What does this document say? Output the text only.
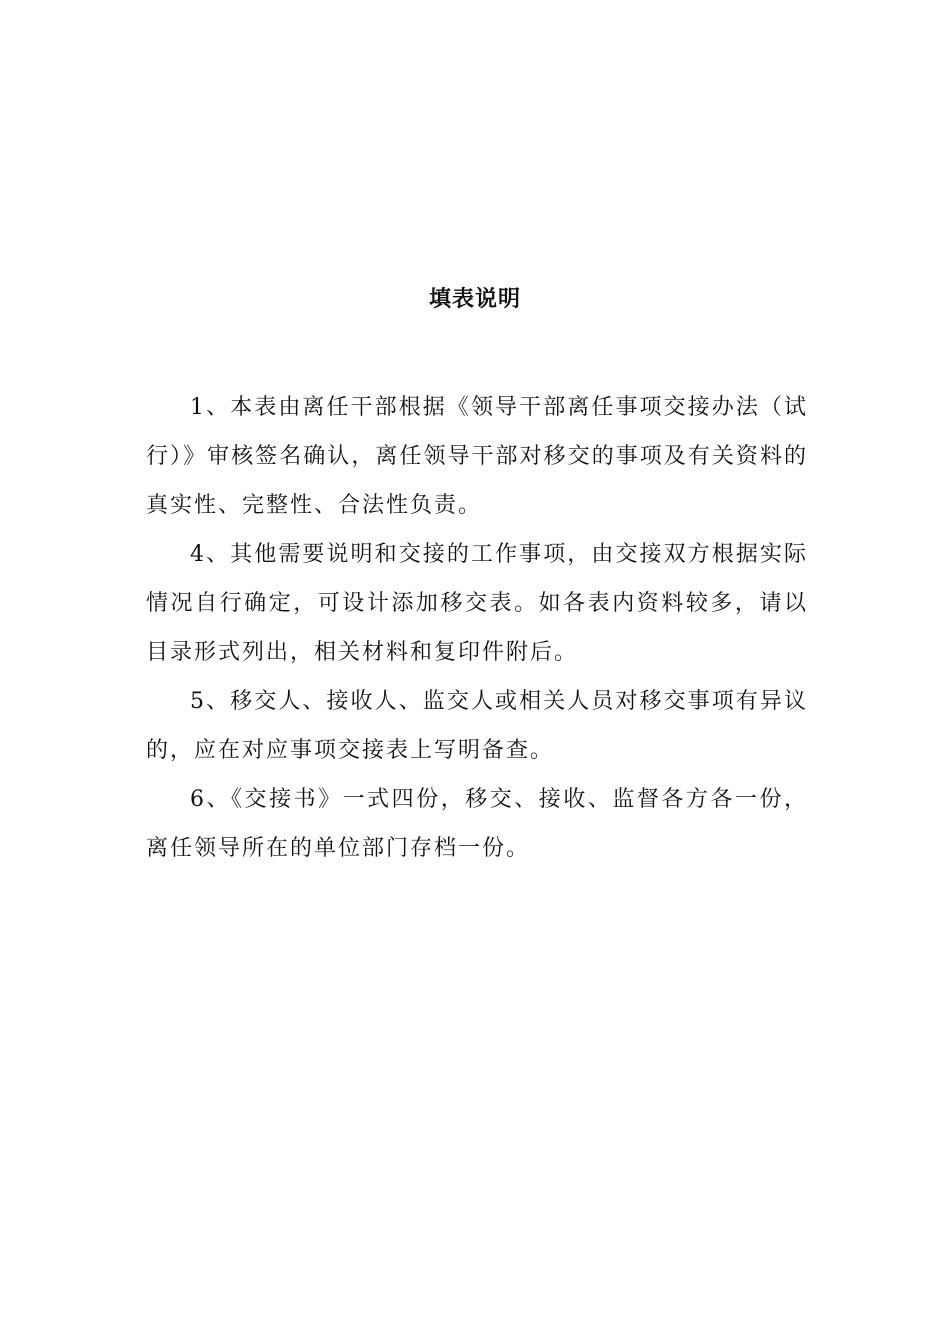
填表说明

1、本表由离任干部根据《领导干部离任事项交接办法（试行）》审核签名确认，离任领导干部对移交的事项及有关资料的真实性、完整性、合法性负责。

4、其他需要说明和交接的工作事项，由交接双方根据实际情况自行确定，可设计添加移交表。如各表内资料较多，请以目录形式列出，相关材料和复印件附后。

5、移交人、接收人、监交人或相关人员对移交事项有异议的，应在对应事项交接表上写明备查。

6、《交接书》一式四份，移交、接收、监督各方各一份，离任领导所在的单位部门存档一份。
